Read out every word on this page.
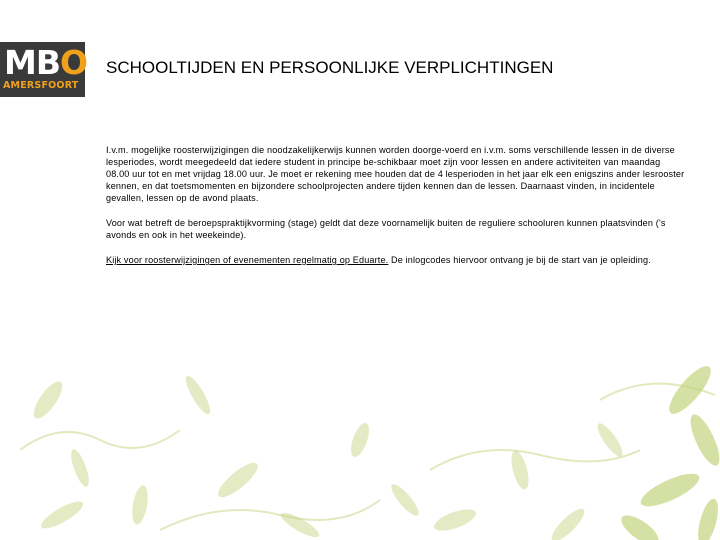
MBO
AMERSFOORT
SCHOOLTIJDEN EN PERSOONLIJKE VERPLICHTINGEN

I.v.m. mogelijke roosterwijzigingen die noodzakelijkerwijs kunnen worden doorge-voerd en i.v.m. soms verschillende lessen in de diverse lesperiodes, wordt meegedeeld dat iedere student in principe be-schikbaar moet zijn voor lessen en andere activiteiten van maandag 08.00 uur tot en met vrijdag 18.00 uur. Je moet er rekening mee houden dat de 4 lesperioden in het jaar elk een enigszins ander lesrooster kennen, en dat toetsmomenten en bijzondere schoolprojecten andere tijden kennen dan de lessen. Daarnaast vinden, in incidentele gevallen, lessen op de avond plaats.

Voor wat betreft de beroepspraktijkvorming (stage) geldt dat deze voornamelijk buiten de reguliere schooluren kunnen plaatsvinden ('s avonds en ook in het weekeinde).

Kijk voor roosterwijzigingen of evenementen regelmatig op Eduarte. De inlogcodes hiervoor ontvang je bij de start van je opleiding.
